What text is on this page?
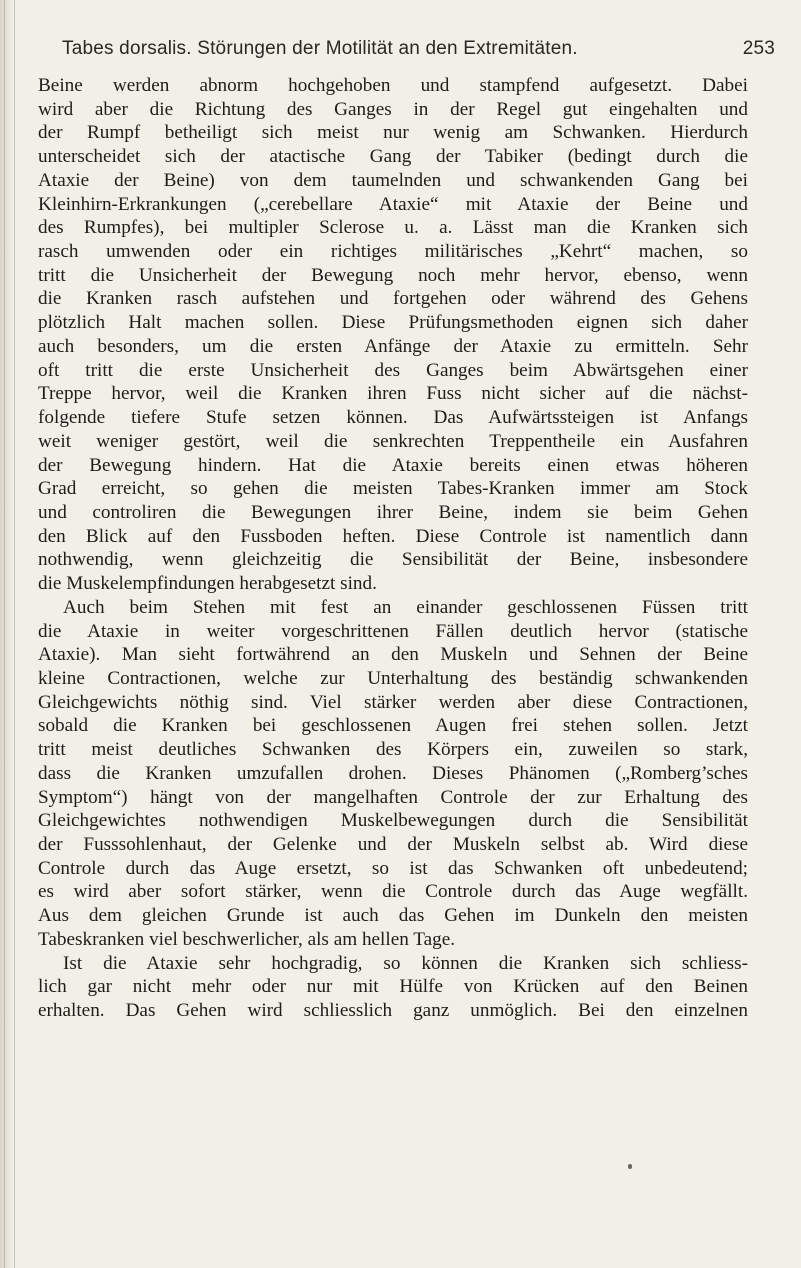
Tabes dorsalis. Störungen der Motilität an den Extremitäten.	253
Beine werden abnorm hochgehoben und stampfend aufgesetzt. Dabei
wird aber die Richtung des Ganges in der Regel gut eingehalten und
der Rumpf betheiligt sich meist nur wenig am Schwanken. Hierdurch
unterscheidet sich der atactische Gang der Tabiker (bedingt durch die
Ataxie der Beine) von dem taumelnden und schwankenden Gang bei
Kleinhirn-Erkrankungen („cerebellare Ataxie“ mit Ataxie der Beine und
des Rumpfes), bei multipler Sclerose u. a. Lässt man die Kranken sich
rasch umwenden oder ein richtiges militärisches „Kehrt“ machen, so
tritt die Unsicherheit der Bewegung noch mehr hervor, ebenso, wenn
die Kranken rasch aufstehen und fortgehen oder während des Gehens
plötzlich Halt machen sollen. Diese Prüfungsmethoden eignen sich daher
auch besonders, um die ersten Anfänge der Ataxie zu ermitteln. Sehr
oft tritt die erste Unsicherheit des Ganges beim Abwärtsgehen einer
Treppe hervor, weil die Kranken ihren Fuss nicht sicher auf die nächst-
folgende tiefere Stufe setzen können. Das Aufwärtssteigen ist Anfangs
weit weniger gestört, weil die senkrechten Treppentheile ein Ausfahren
der Bewegung hindern. Hat die Ataxie bereits einen etwas höheren
Grad erreicht, so gehen die meisten Tabes-Kranken immer am Stock
und controliren die Bewegungen ihrer Beine, indem sie beim Gehen
den Blick auf den Fussboden heften. Diese Controle ist namentlich dann
nothwendig, wenn gleichzeitig die Sensibilität der Beine, insbesondere
die Muskelempfindungen herabgesetzt sind.
Auch beim Stehen mit fest an einander geschlossenen Füssen tritt
die Ataxie in weiter vorgeschrittenen Fällen deutlich hervor (statische
Ataxie). Man sieht fortwährend an den Muskeln und Sehnen der Beine
kleine Contractionen, welche zur Unterhaltung des beständig schwankenden
Gleichgewichts nöthig sind. Viel stärker werden aber diese Contractionen,
sobald die Kranken bei geschlossenen Augen frei stehen sollen. Jetzt
tritt meist deutliches Schwanken des Körpers ein, zuweilen so stark,
dass die Kranken umzufallen drohen. Dieses Phänomen („Romberg’sches
Symptom“) hängt von der mangelhaften Controle der zur Erhaltung des
Gleichgewichtes nothwendigen Muskelbewegungen durch die Sensibilität
der Fusssohlenhaut, der Gelenke und der Muskeln selbst ab. Wird diese
Controle durch das Auge ersetzt, so ist das Schwanken oft unbedeutend;
es wird aber sofort stärker, wenn die Controle durch das Auge wegfällt.
Aus dem gleichen Grunde ist auch das Gehen im Dunkeln den meisten
Tabeskranken viel beschwerlicher, als am hellen Tage.
Ist die Ataxie sehr hochgradig, so können die Kranken sich schliess-
lich gar nicht mehr oder nur mit Hülfe von Krücken auf den Beinen
erhalten. Das Gehen wird schliesslich ganz unmöglich. Bei den einzelnen
